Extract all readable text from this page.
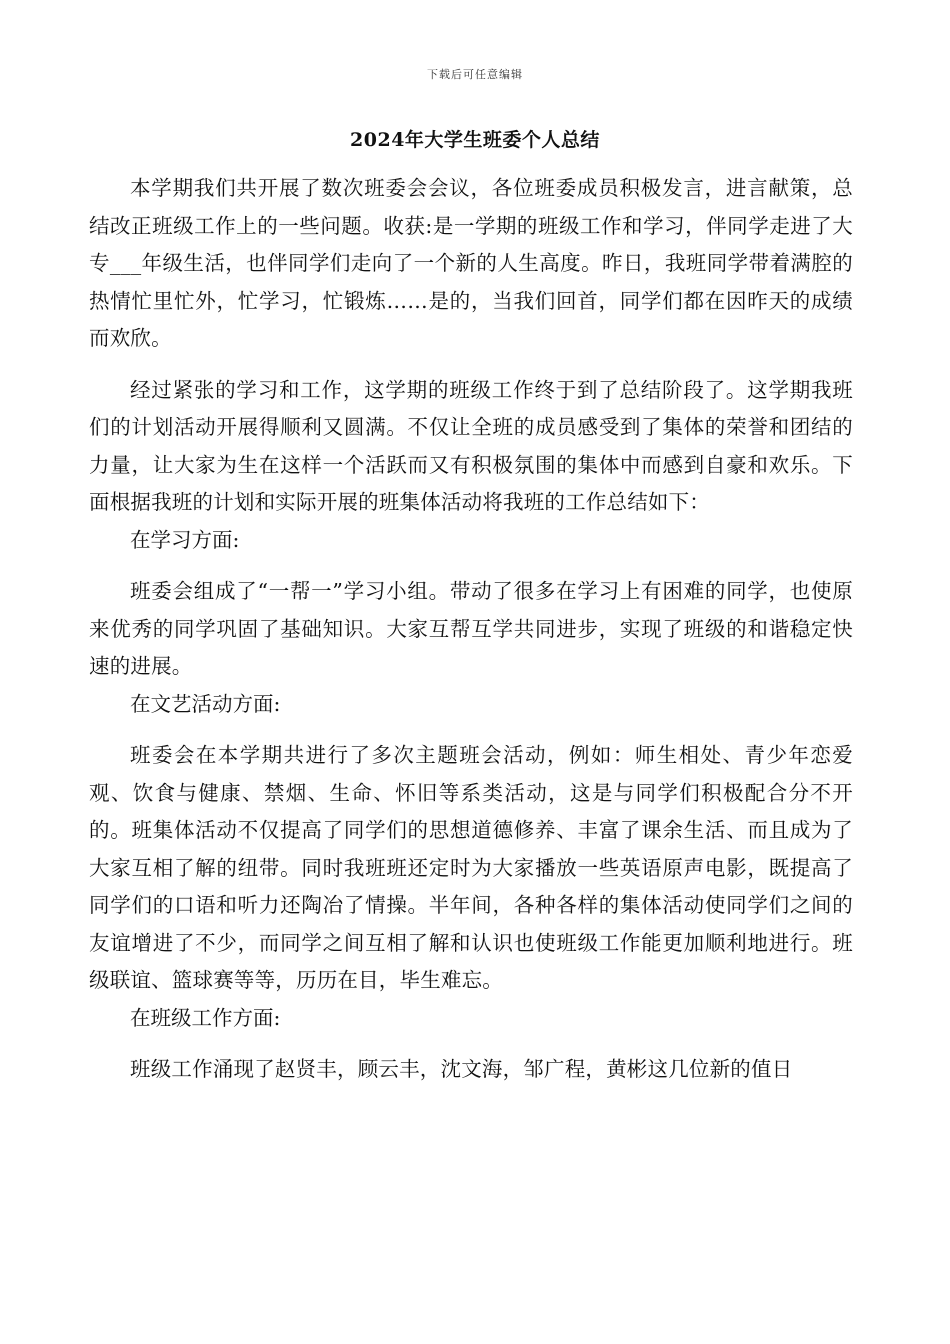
下载后可任意编辑
2024年大学生班委个人总结

本学期我们共开展了数次班委会会议，各位班委成员积极发言，进言献策，总结改正班级工作上的一些问题。收获:是一学期的班级工作和学习，伴同学走进了大专___年级生活，也伴同学们走向了一个新的人生高度。昨日，我班同学带着满腔的热情忙里忙外，忙学习，忙锻炼……是的，当我们回首，同学们都在因昨天的成绩而欢欣。

经过紧张的学习和工作，这学期的班级工作终于到了总结阶段了。这学期我班们的计划活动开展得顺利又圆满。不仅让全班的成员感受到了集体的荣誉和团结的力量，让大家为生在这样一个活跃而又有积极氛围的集体中而感到自豪和欢乐。下面根据我班的计划和实际开展的班集体活动将我班的工作总结如下：

在学习方面:

班委会组成了“一帮一”学习小组。带动了很多在学习上有困难的同学，也使原来优秀的同学巩固了基础知识。大家互帮互学共同进步，实现了班级的和谐稳定快速的进展。

在文艺活动方面:

班委会在本学期共进行了多次主题班会活动，例如：师生相处、青少年恋爱观、饮食与健康、禁烟、生命、怀旧等系类活动，这是与同学们积极配合分不开的。班集体活动不仅提高了同学们的思想道德修养、丰富了课余生活、而且成为了大家互相了解的纽带。同时我班班还定时为大家播放一些英语原声电影，既提高了同学们的口语和听力还陶冶了情操。半年间，各种各样的集体活动使同学们之间的友谊增进了不少，而同学之间互相了解和认识也使班级工作能更加顺利地进行。班级联谊、篮球赛等等，历历在目，毕生难忘。

在班级工作方面:

班级工作涌现了赵贤丰，顾云丰，沈文海，邹广程，黄彬这几位新的值日
